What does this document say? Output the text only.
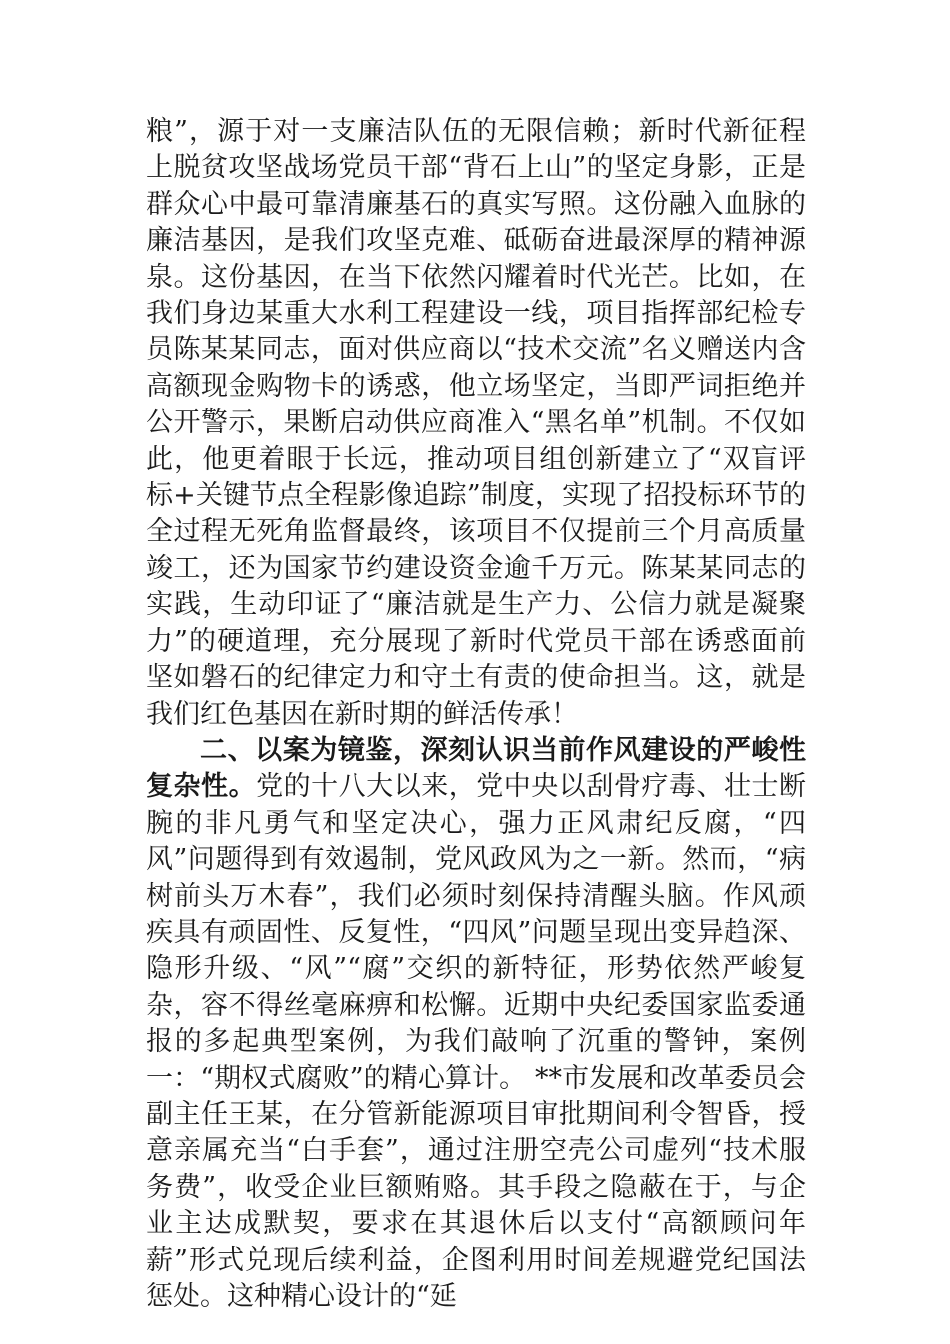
粮”，源于对一支廉洁队伍的无限信赖；新时代新征程上脱贫攻坚战场党员干部“背石上山”的坚定身影，正是群众心中最可靠清廉基石的真实写照。这份融入血脉的廉洁基因，是我们攻坚克难、砥砺奋进最深厚的精神源泉。这份基因，在当下依然闪耀着时代光芒。比如，在我们身边某重大水利工程建设一线，项目指挥部纪检专员陈某某同志，面对供应商以“技术交流”名义赠送内含高额现金购物卡的诱惑，他立场坚定，当即严词拒绝并公开警示，果断启动供应商准入“黑名单”机制。不仅如此，他更着眼于长远，推动项目组创新建立了“双盲评标+关键节点全程影像追踪”制度，实现了招投标环节的全过程无死角监督最终，该项目不仅提前三个月高质量竣工，还为国家节约建设资金逾千万元。陈某某同志的实践，生动印证了“廉洁就是生产力、公信力就是凝聚力”的硬道理，充分展现了新时代党员干部在诱惑面前坚如磐石的纪律定力和守土有责的使命担当。这，就是我们红色基因在新时期的鲜活传承！

二、以案为镜鉴，深刻认识当前作风建设的严峻性复杂性。党的十八大以来，党中央以刮骨疗毒、壮士断腕的非凡勇气和坚定决心，强力正风肃纪反腐，“四风”问题得到有效遏制，党风政风为之一新。然而，“病树前头万木春”，我们必须时刻保持清醒头脑。作风顽疾具有顽固性、反复性，“四风”问题呈现出变异趋深、隐形升级、“风”“腐”交织的新特征，形势依然严峻复杂，容不得丝毫麻痹和松懈。近期中央纪委国家监委通报的多起典型案例，为我们敲响了沉重的警钟，案例一：“期权式腐败”的精心算计。 **市发展和改革委员会副主任王某，在分管新能源项目审批期间利令智昏，授意亲属充当“白手套”，通过注册空壳公司虚列“技术服务费”，收受企业巨额贿赂。其手段之隐蔽在于，与企业主达成默契，要求在其退休后以支付“高额顾问年薪”形式兑现后续利益，企图利用时间差规避党纪国法惩处。这种精心设计的“延
